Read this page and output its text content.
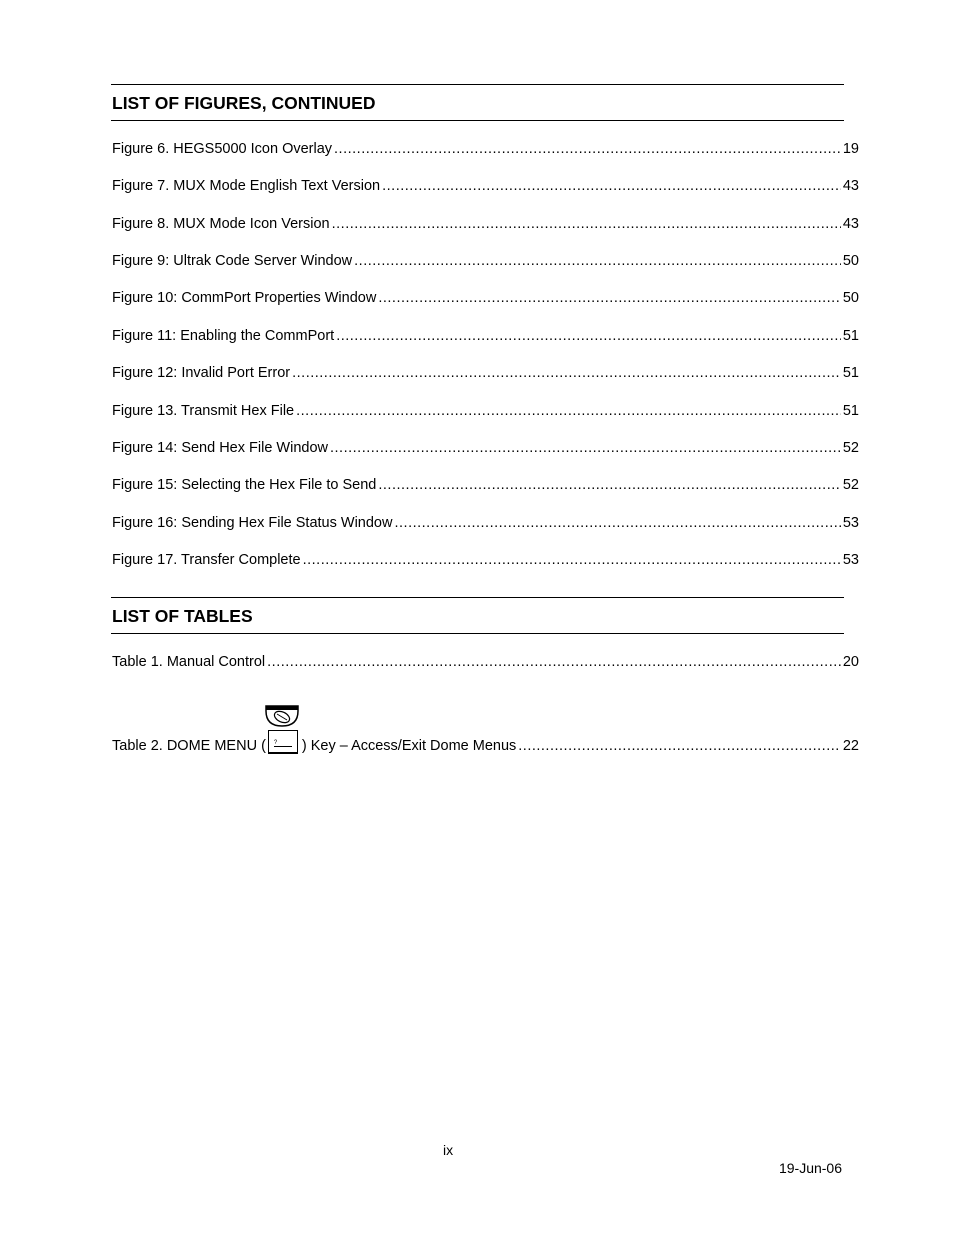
LIST OF FIGURES, CONTINUED
Figure 6. HEGS5000 Icon Overlay .....	19
Figure 7. MUX Mode English Text Version .....	43
Figure 8. MUX Mode Icon Version .....	43
Figure 9: Ultrak Code Server Window .....	50
Figure 10: CommPort Properties Window .....	50
Figure 11: Enabling the CommPort .....	51
Figure 12: Invalid Port Error .....	51
Figure 13. Transmit Hex File .....	51
Figure 14: Send Hex File Window .....	52
Figure 15: Selecting the Hex File to Send .....	52
Figure 16: Sending Hex File Status Window .....	53
Figure 17. Transfer Complete .....	53
LIST OF TABLES
Table 1. Manual Control .....	20
Table 2. DOME MENU ( ? ) Key – Access/Exit Dome Menus .....	22
ix
19-Jun-06
